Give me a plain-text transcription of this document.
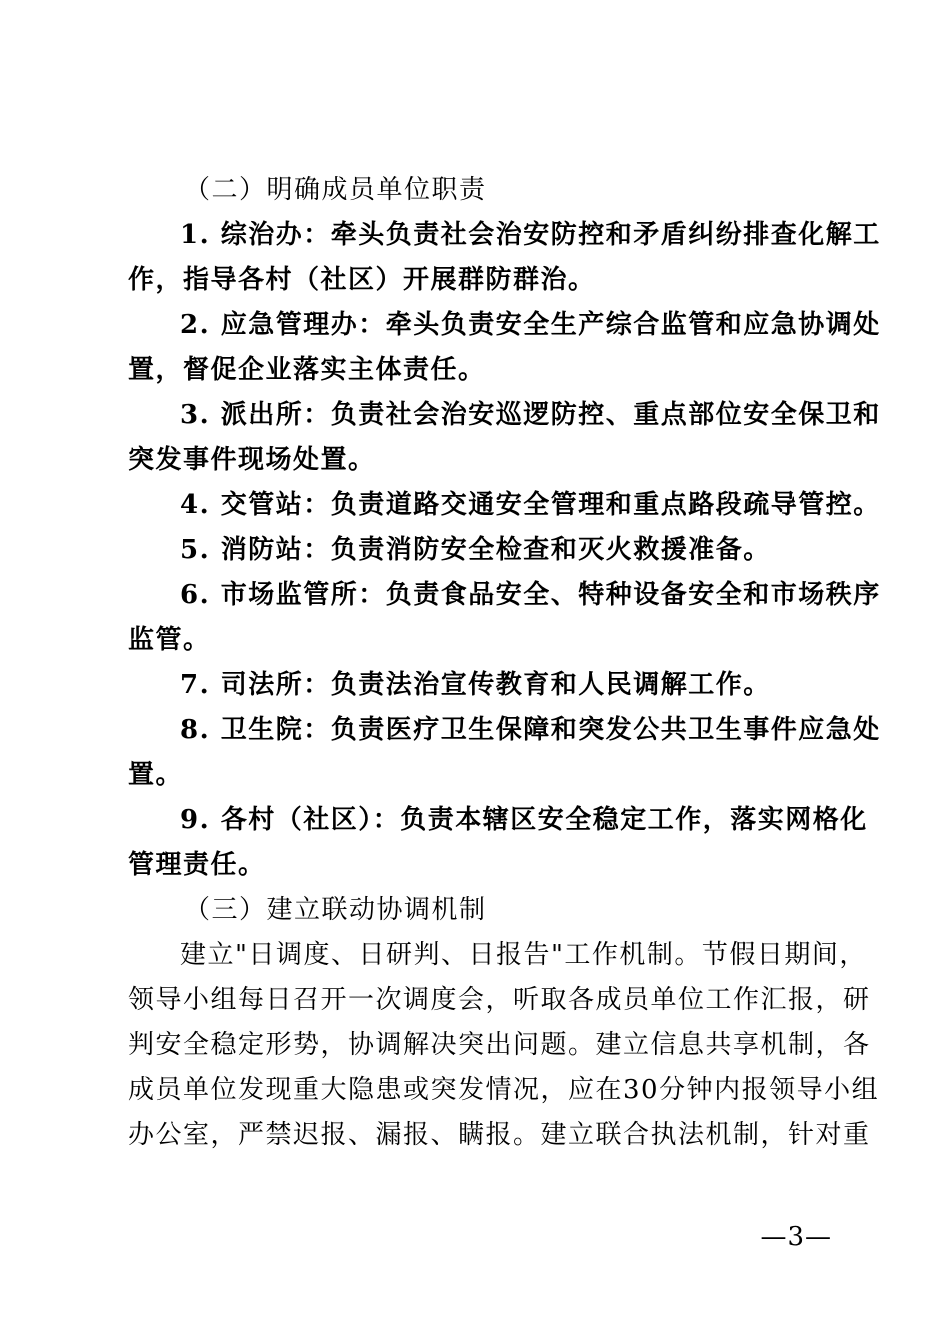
（二）明确成员单位职责
1. 综治办：牵头负责社会治安防控和矛盾纠纷排查化解工
作，指导各村（社区）开展群防群治。
2. 应急管理办：牵头负责安全生产综合监管和应急协调处
置，督促企业落实主体责任。
3. 派出所：负责社会治安巡逻防控、重点部位安全保卫和
突发事件现场处置。
4. 交管站：负责道路交通安全管理和重点路段疏导管控。
5. 消防站：负责消防安全检查和灭火救援准备。
6. 市场监管所：负责食品安全、特种设备安全和市场秩序
监管。
7. 司法所：负责法治宣传教育和人民调解工作。
8. 卫生院：负责医疗卫生保障和突发公共卫生事件应急处
置。
9. 各村（社区）：负责本辖区安全稳定工作，落实网格化
管理责任。
（三）建立联动协调机制
建立"日调度、日研判、日报告"工作机制。节假日期间，
领导小组每日召开一次调度会，听取各成员单位工作汇报，研
判安全稳定形势，协调解决突出问题。建立信息共享机制，各
成员单位发现重大隐患或突发情况，应在30分钟内报领导小组
办公室，严禁迟报、漏报、瞒报。建立联合执法机制，针对重
—3—
